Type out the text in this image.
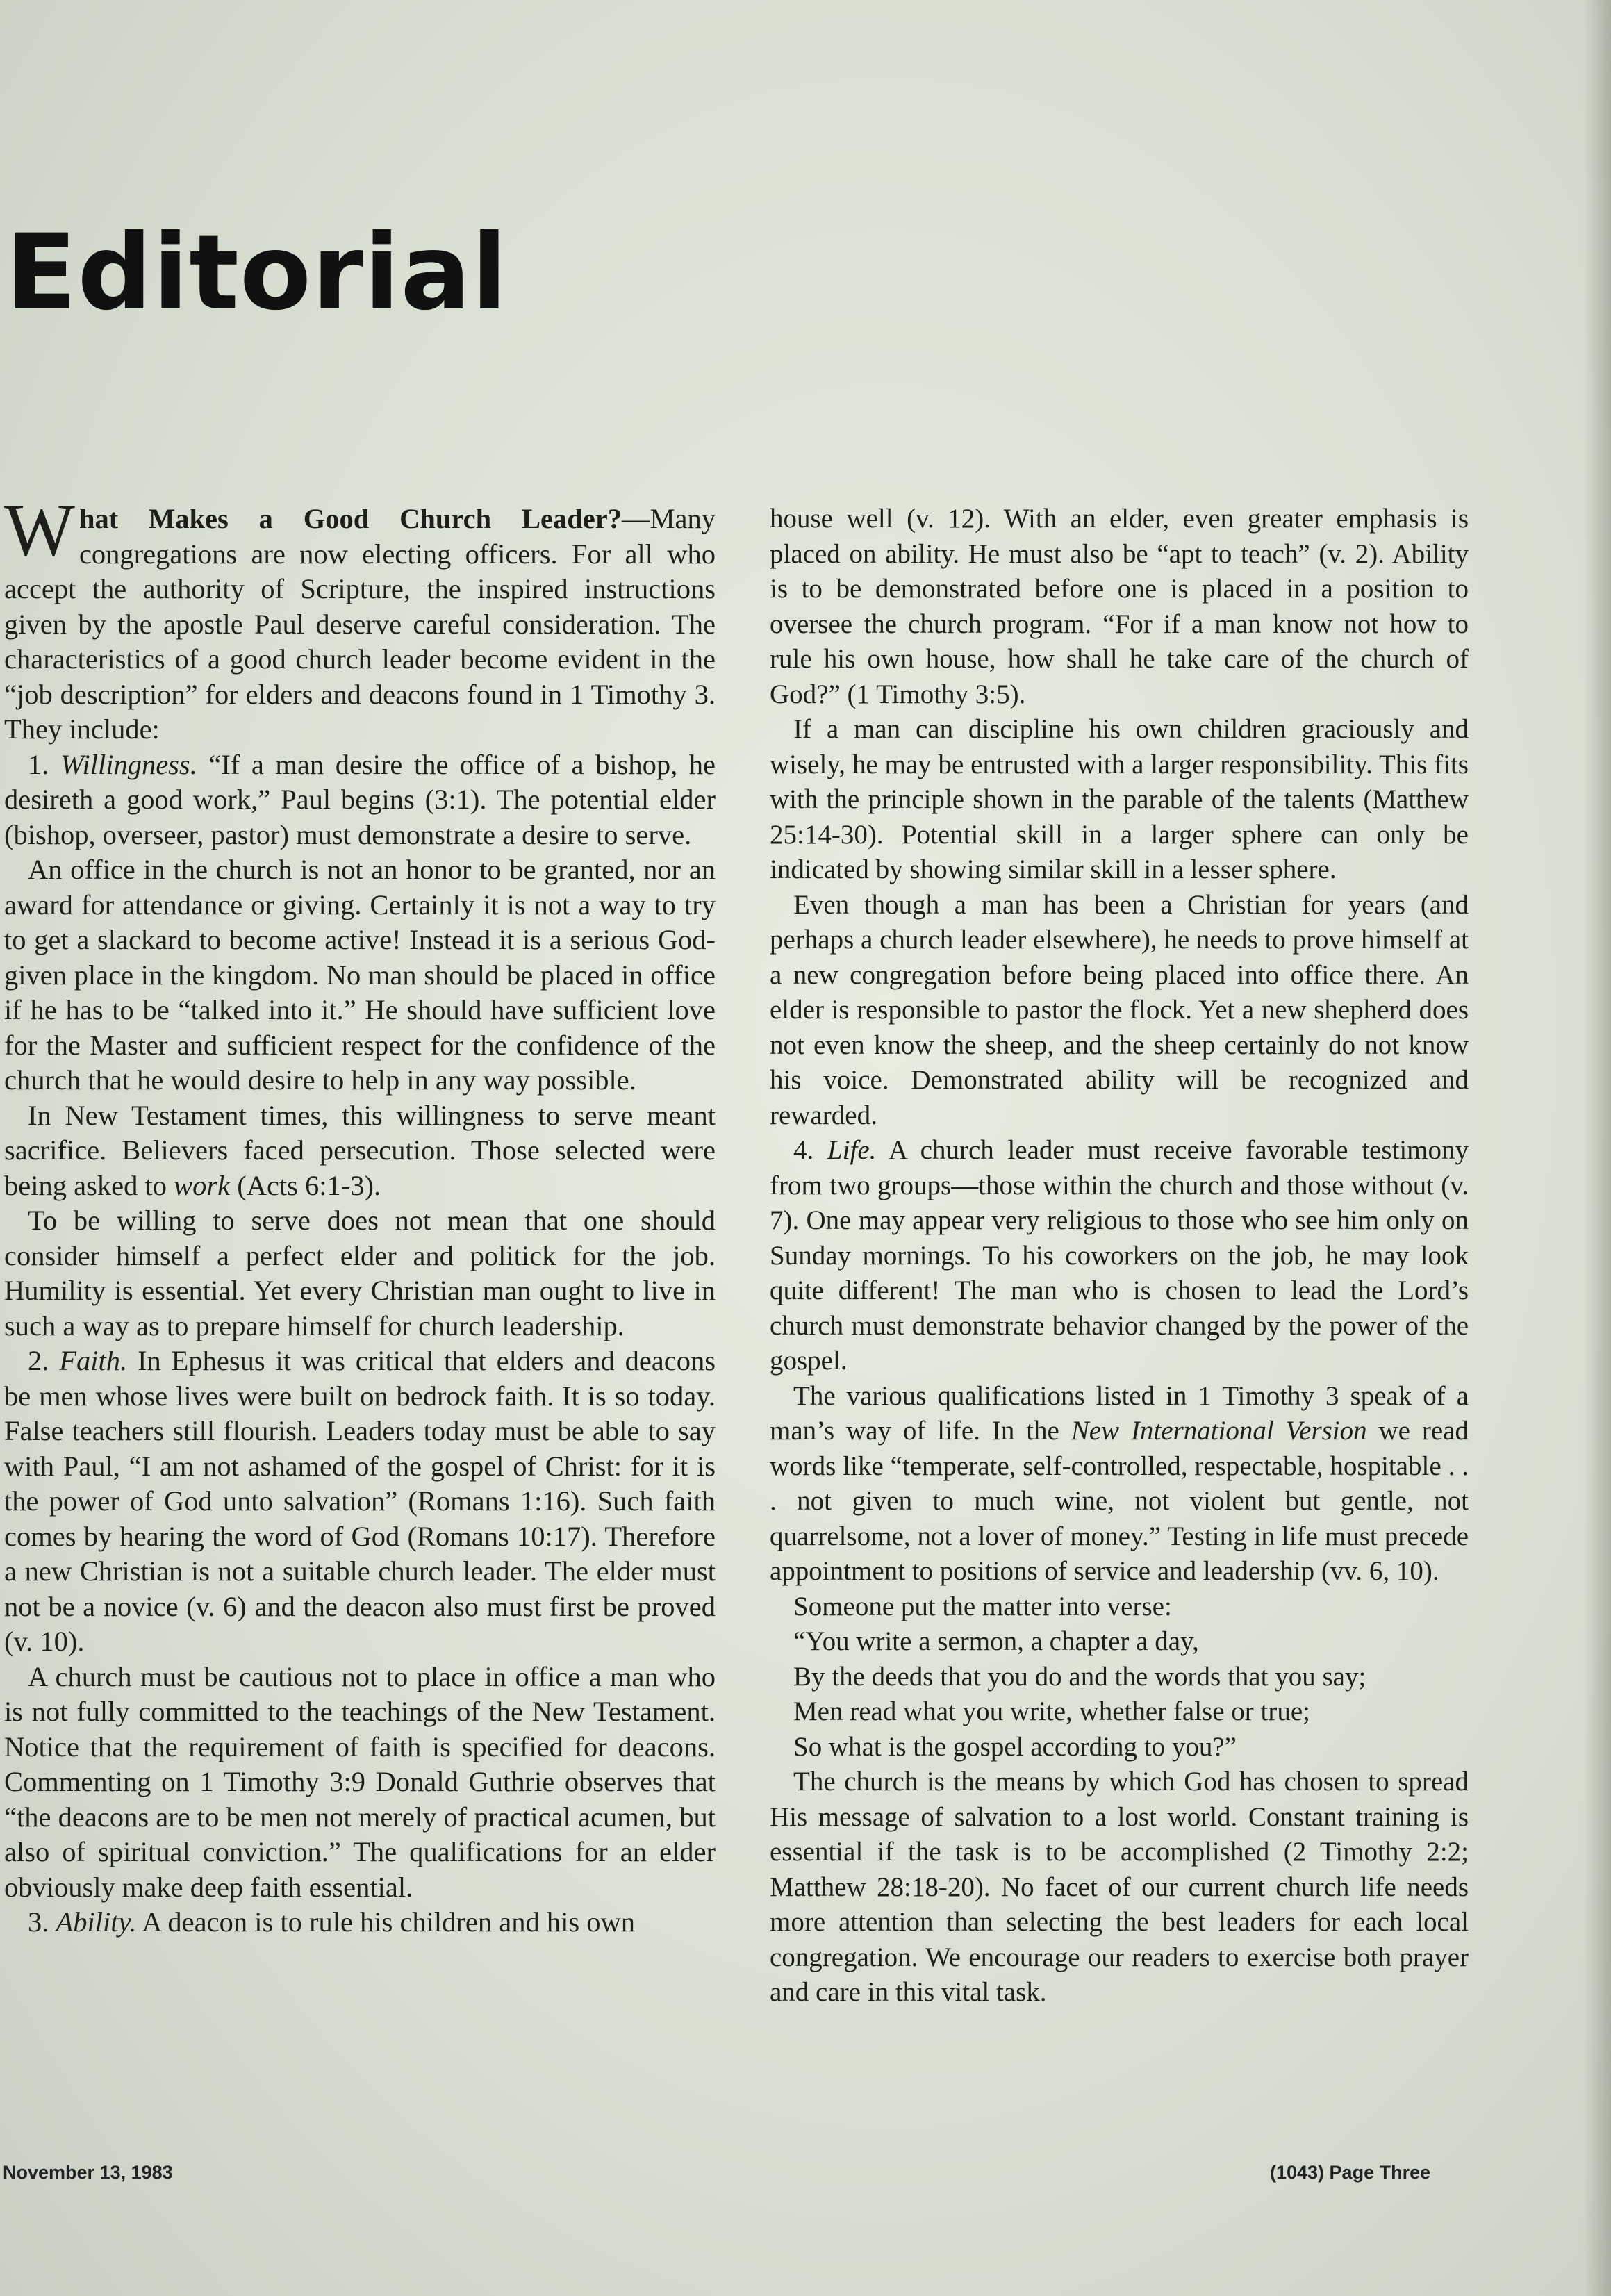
Editorial

What Makes a Good Church Leader?—Many congregations are now electing officers. For all who accept the authority of Scripture, the inspired instructions given by the apostle Paul deserve careful consideration. The characteristics of a good church leader become evident in the “job description” for elders and deacons found in 1 Timothy 3. They include:

1. Willingness. “If a man desire the office of a bishop, he desireth a good work,” Paul begins (3:1). The potential elder (bishop, overseer, pastor) must demonstrate a desire to serve.

An office in the church is not an honor to be granted, nor an award for attendance or giving. Certainly it is not a way to try to get a slackard to become active! Instead it is a serious God-given place in the kingdom. No man should be placed in office if he has to be “talked into it.” He should have sufficient love for the Master and sufficient respect for the confidence of the church that he would desire to help in any way possible.

In New Testament times, this willingness to serve meant sacrifice. Believers faced persecution. Those selected were being asked to work (Acts 6:1-3).

To be willing to serve does not mean that one should consider himself a perfect elder and politick for the job. Humility is essential. Yet every Christian man ought to live in such a way as to prepare himself for church leadership.

2. Faith. In Ephesus it was critical that elders and deacons be men whose lives were built on bedrock faith. It is so today. False teachers still flourish. Leaders today must be able to say with Paul, “I am not ashamed of the gospel of Christ: for it is the power of God unto salvation” (Romans 1:16). Such faith comes by hearing the word of God (Romans 10:17). Therefore a new Christian is not a suitable church leader. The elder must not be a novice (v. 6) and the deacon also must first be proved (v. 10).

A church must be cautious not to place in office a man who is not fully committed to the teachings of the New Testament. Notice that the requirement of faith is specified for deacons. Commenting on 1 Timothy 3:9 Donald Guthrie observes that “the deacons are to be men not merely of practical acumen, but also of spiritual conviction.” The qualifications for an elder obviously make deep faith essential.

3. Ability. A deacon is to rule his children and his own

house well (v. 12). With an elder, even greater emphasis is placed on ability. He must also be “apt to teach” (v. 2). Ability is to be demonstrated before one is placed in a position to oversee the church program. “For if a man know not how to rule his own house, how shall he take care of the church of God?” (1 Timothy 3:5).

If a man can discipline his own children graciously and wisely, he may be entrusted with a larger responsibility. This fits with the principle shown in the parable of the talents (Matthew 25:14-30). Potential skill in a larger sphere can only be indicated by showing similar skill in a lesser sphere.

Even though a man has been a Christian for years (and perhaps a church leader elsewhere), he needs to prove himself at a new congregation before being placed into office there. An elder is responsible to pastor the flock. Yet a new shepherd does not even know the sheep, and the sheep certainly do not know his voice. Demonstrated ability will be recognized and rewarded.

4. Life. A church leader must receive favorable testimony from two groups—those within the church and those without (v. 7). One may appear very religious to those who see him only on Sunday mornings. To his coworkers on the job, he may look quite different! The man who is chosen to lead the Lord’s church must demonstrate behavior changed by the power of the gospel.

The various qualifications listed in 1 Timothy 3 speak of a man’s way of life. In the New International Version we read words like “temperate, self-controlled, respectable, hospitable . . . not given to much wine, not violent but gentle, not quarrelsome, not a lover of money.” Testing in life must precede appointment to positions of service and leadership (vv. 6, 10).

Someone put the matter into verse:

“You write a sermon, a chapter a day,

By the deeds that you do and the words that you say;

Men read what you write, whether false or true;

So what is the gospel according to you?”

The church is the means by which God has chosen to spread His message of salvation to a lost world. Constant training is essential if the task is to be accomplished (2 Timothy 2:2; Matthew 28:18-20). No facet of our current church life needs more attention than selecting the best leaders for each local congregation. We encourage our readers to exercise both prayer and care in this vital task.

November 13, 1983	(1043) Page Three
